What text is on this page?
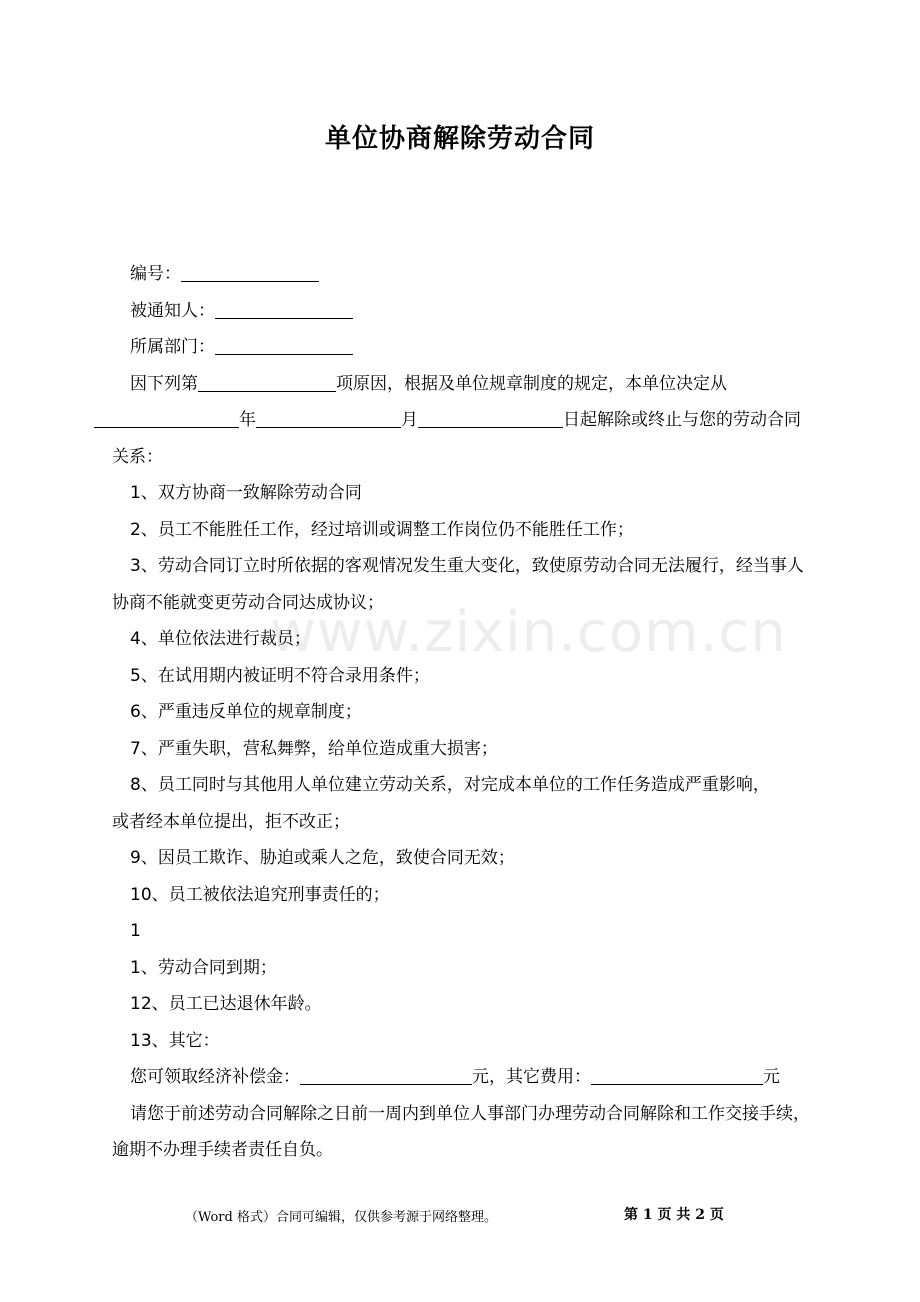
单位协商解除劳动合同
www.zixin.com.cn

编号：

被通知人：

所属部门：

因下列第	项原因，根据及单位规章制度的规定，本单位决定从年	月	日起解除或终止与您的劳动合同关系：

1、双方协商一致解除劳动合同

2、员工不能胜任工作，经过培训或调整工作岗位仍不能胜任工作；

3、劳动合同订立时所依据的客观情况发生重大变化，致使原劳动合同无法履行，经当事人协商不能就变更劳动合同达成协议；

4、单位依法进行裁员；

5、在试用期内被证明不符合录用条件；

6、严重违反单位的规章制度；

7、严重失职，营私舞弊，给单位造成重大损害；

8、员工同时与其他用人单位建立劳动关系，对完成本单位的工作任务造成严重影响，

或者经本单位提出，拒不改正；

9、因员工欺诈、胁迫或乘人之危，致使合同无效；

10、员工被依法追究刑事责任的；

1

1、劳动合同到期；

12、员工已达退休年龄。

13、其它：

您可领取经济补偿金：	元，其它费用：	元

请您于前述劳动合同解除之日前一周内到单位人事部门办理劳动合同解除和工作交接手续，逾期不办理手续者责任自负。

（Word 格式）合同可编辑，仅供参考源于网络整理。	第 1 页 共 2 页
